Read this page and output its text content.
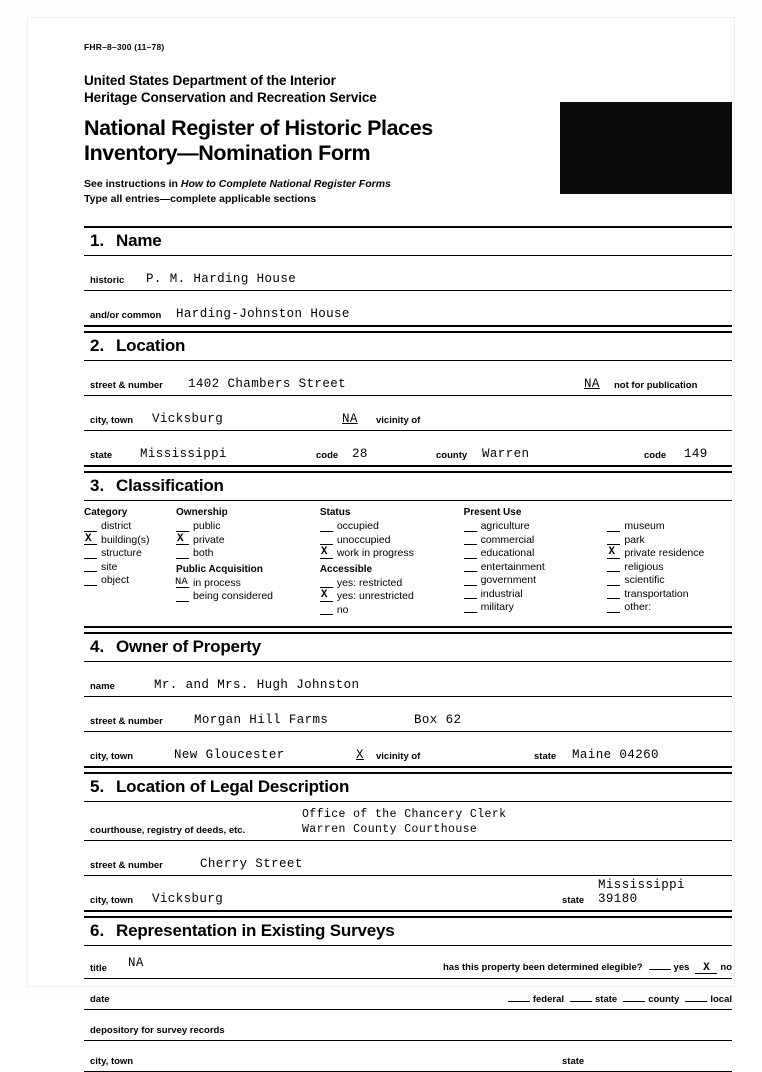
FHR–8–300 (11–78)
United States Department of the Interior
Heritage Conservation and Recreation Service
National Register of Historic Places
Inventory—Nomination Form
See instructions in How to Complete National Register Forms
Type all entries—complete applicable sections
1. Name
historic P. M. Harding House
and/or common Harding-Johnston House
2. Location
street & number 1402 Chambers Street	NA not for publication
city, town Vicksburg	NA vicinity of
state Mississippi	code 28	county Warren	code 149
3. Classification
Category
district
X building(s)
structure
site
object
Ownership
public
X private
both
Public Acquisition
NA in process
being considered
Status
occupied
unoccupied
X work in progress
Accessible
yes: restricted
X yes: unrestricted
no
Present Use
agriculture
commercial
educational
entertainment
government
industrial
military

museum
park
X private residence
religious
scientific
transportation
other:
4. Owner of Property
name	Mr. and Mrs. Hugh Johnston
street & number Morgan Hill Farms	Box 62
city, town	New Gloucester	X vicinity of	state Maine 04260
5. Location of Legal Description
courthouse, registry of deeds, etc.
Office of the Chancery Clerk
Warren County Courthouse
street & number	Cherry Street
city, town Vicksburg	state
Mississippi 39180
6. Representation in Existing Surveys
title NA	has this property been determined elegible?	yes X no
date	federal	state	county	local
depository for survey records
city, town	state
